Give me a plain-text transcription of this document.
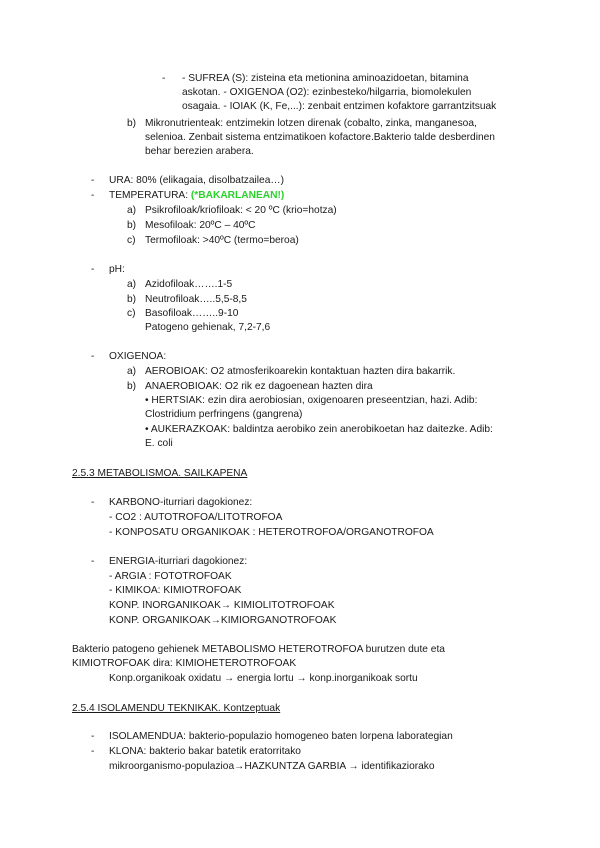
- - SUFREA (S): zisteina eta metionina aminoazidoetan, bitamina
askotan. - OXIGENOA (O2): ezinbesteko/hilgarria, biomolekulen
osagaia. - IOIAK (K, Fe,...): zenbait entzimen kofaktore garrantzitsuak
b) Mikronutrienteak: entzimekin lotzen direnak (cobalto, zinka, manganesoa,
selenioa. Zenbait sistema entzimatikoen kofactore.Bakterio talde desberdinen
behar berezien arabera.
- URA: 80% (elikagaia, disolbatzailea…)
- TEMPERATURA: (*BAKARLANEAN!)
a) Psikrofiloak/kriofiloak: < 20 ºC (krio=hotza)
b) Mesofiloak: 20ºC – 40ºC
c) Termofiloak: >40ºC (termo=beroa)
- pH:
a) Azidofiloak…….1-5
b) Neutrofiloak…..5,5-8,5
c) Basofiloak……..9-10
Patogeno gehienak, 7,2-7,6
- OXIGENOA:
a) AEROBIOAK: O2 atmosferikoarekin kontaktuan hazten dira bakarrik.
b) ANAEROBIOAK: O2 rik ez dagoenean hazten dira
• HERTSIAK: ezin dira aerobiosian, oxigenoaren preseentzian, hazi. Adib:
Clostridium perfringens (gangrena)
• AUKERAZKOAK: baldintza aerobiko zein anerobikoetan haz daitezke. Adib:
E. coli
2.5.3 METABOLISMOA. SAILKAPENA
- KARBONO-iturriari dagokionez:
- CO2 : AUTOTROFOA/LITOTROFOA
- KONPOSATU ORGANIKOAK : HETEROTROFOA/ORGANOTROFOA
- ENERGIA-iturriari dagokionez:
- ARGIA : FOTOTROFOAK
- KIMIKOA: KIMIOTROFOAK
KONP. INORGANIKOAK→ KIMIOLITOTROFOAK
KONP. ORGANIKOAK→KIMIORGANOTROFOAK
Bakterio patogeno gehienek METABOLISMO HETEROTROFOA burutzen dute eta
KIMIOTROFOAK dira: KIMIOHETEROTROFOAK
Konp.organikoak oxidatu → energia lortu → konp.inorganikoak sortu
2.5.4 ISOLAMENDU TEKNIKAK. Kontzeptuak
- ISOLAMENDUA: bakterio-populazio homogeneo baten lorpena laborategian
- KLONA: bakterio bakar batetik eratorritako
mikroorganismo-populazioa→HAZKUNTZA GARBIA → identifikaziorako
